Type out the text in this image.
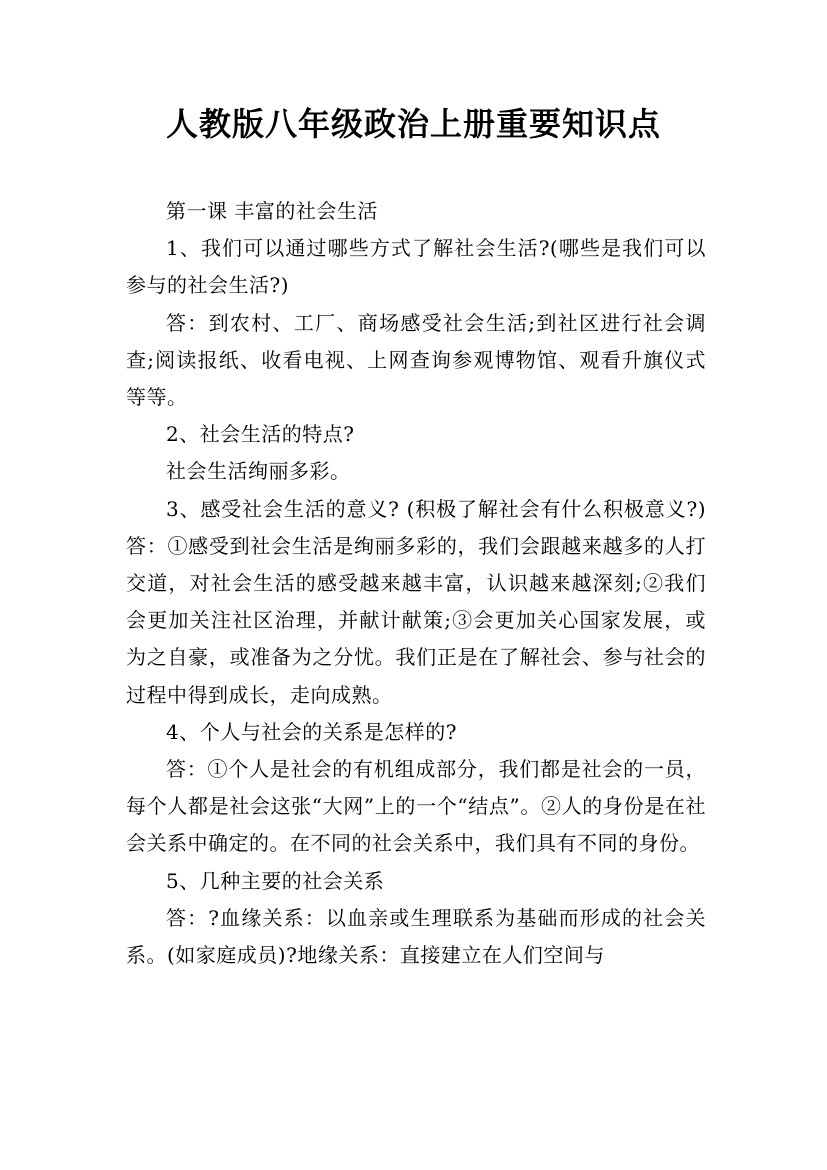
人教版八年级政治上册重要知识点

第一课 丰富的社会生活

1、我们可以通过哪些方式了解社会生活?(哪些是我们可以参与的社会生活?)

答：到农村、工厂、商场感受社会生活;到社区进行社会调查;阅读报纸、收看电视、上网查询参观博物馆、观看升旗仪式等等。

2、社会生活的特点?

社会生活绚丽多彩。

3、感受社会生活的意义? (积极了解社会有什么积极意义?)答：①感受到社会生活是绚丽多彩的，我们会跟越来越多的人打交道，对社会生活的感受越来越丰富，认识越来越深刻;②我们会更加关注社区治理，并献计献策;③会更加关心国家发展，或为之自豪，或准备为之分忧。我们正是在了解社会、参与社会的过程中得到成长，走向成熟。

4、个人与社会的关系是怎样的?

答：①个人是社会的有机组成部分，我们都是社会的一员，每个人都是社会这张“大网”上的一个“结点”。②人的身份是在社会关系中确定的。在不同的社会关系中，我们具有不同的身份。

5、几种主要的社会关系

答：?血缘关系：以血亲或生理联系为基础而形成的社会关系。(如家庭成员)?地缘关系：直接建立在人们空间与
